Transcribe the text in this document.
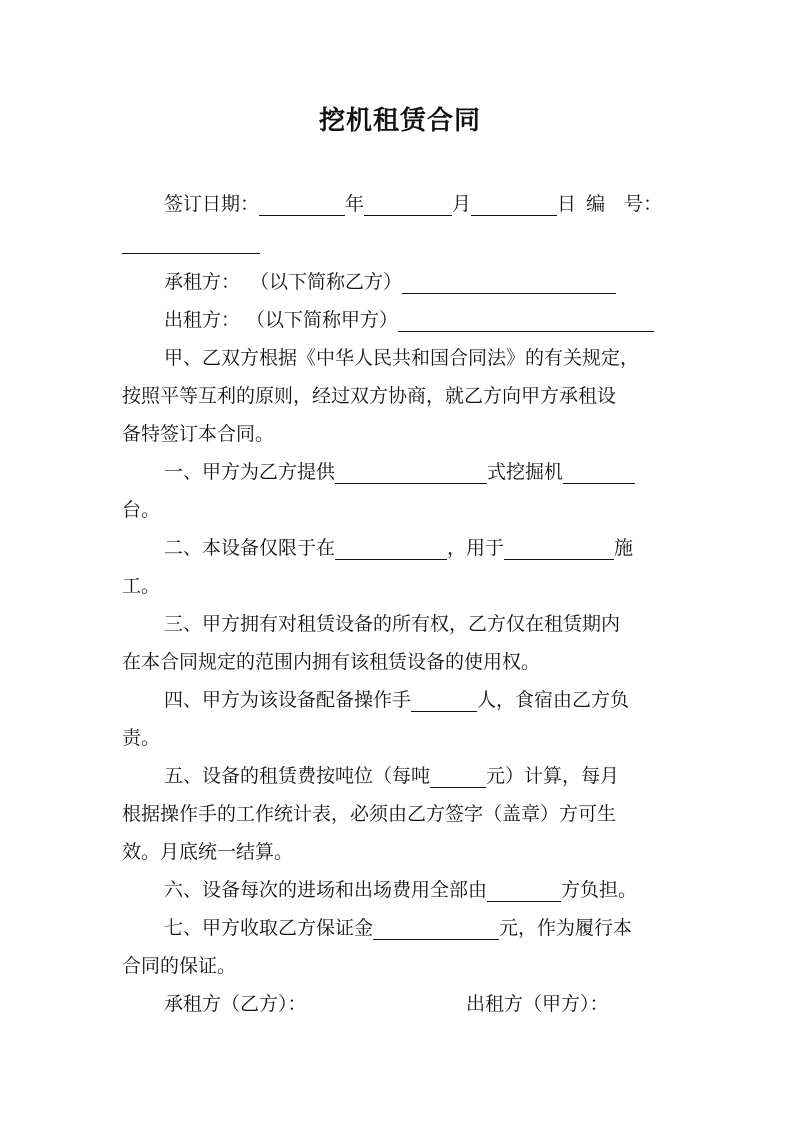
挖机租赁合同
签订日期：	年	月	日 编　号：
承租方： （以下简称乙方）
出租方： （以下简称甲方）
甲、乙双方根据《中华人民共和国合同法》的有关规定，
按照平等互利的原则，经过双方协商，就乙方向甲方承租设
备特签订本合同。
一、甲方为乙方提供	式挖掘机
台。
二、本设备仅限于在	，用于	施
工。
三、甲方拥有对租赁设备的所有权，乙方仅在租赁期内
在本合同规定的范围内拥有该租赁设备的使用权。
四、甲方为该设备配备操作手	人，食宿由乙方负
责。
五、设备的租赁费按吨位（每吨	元）计算，每月
根据操作手的工作统计表，必须由乙方签字（盖章）方可生
效。月底统一结算。
六、设备每次的进场和出场费用全部由	方负担。
七、甲方收取乙方保证金	元，作为履行本
合同的保证。
承租方（乙方）：	出租方（甲方）：
